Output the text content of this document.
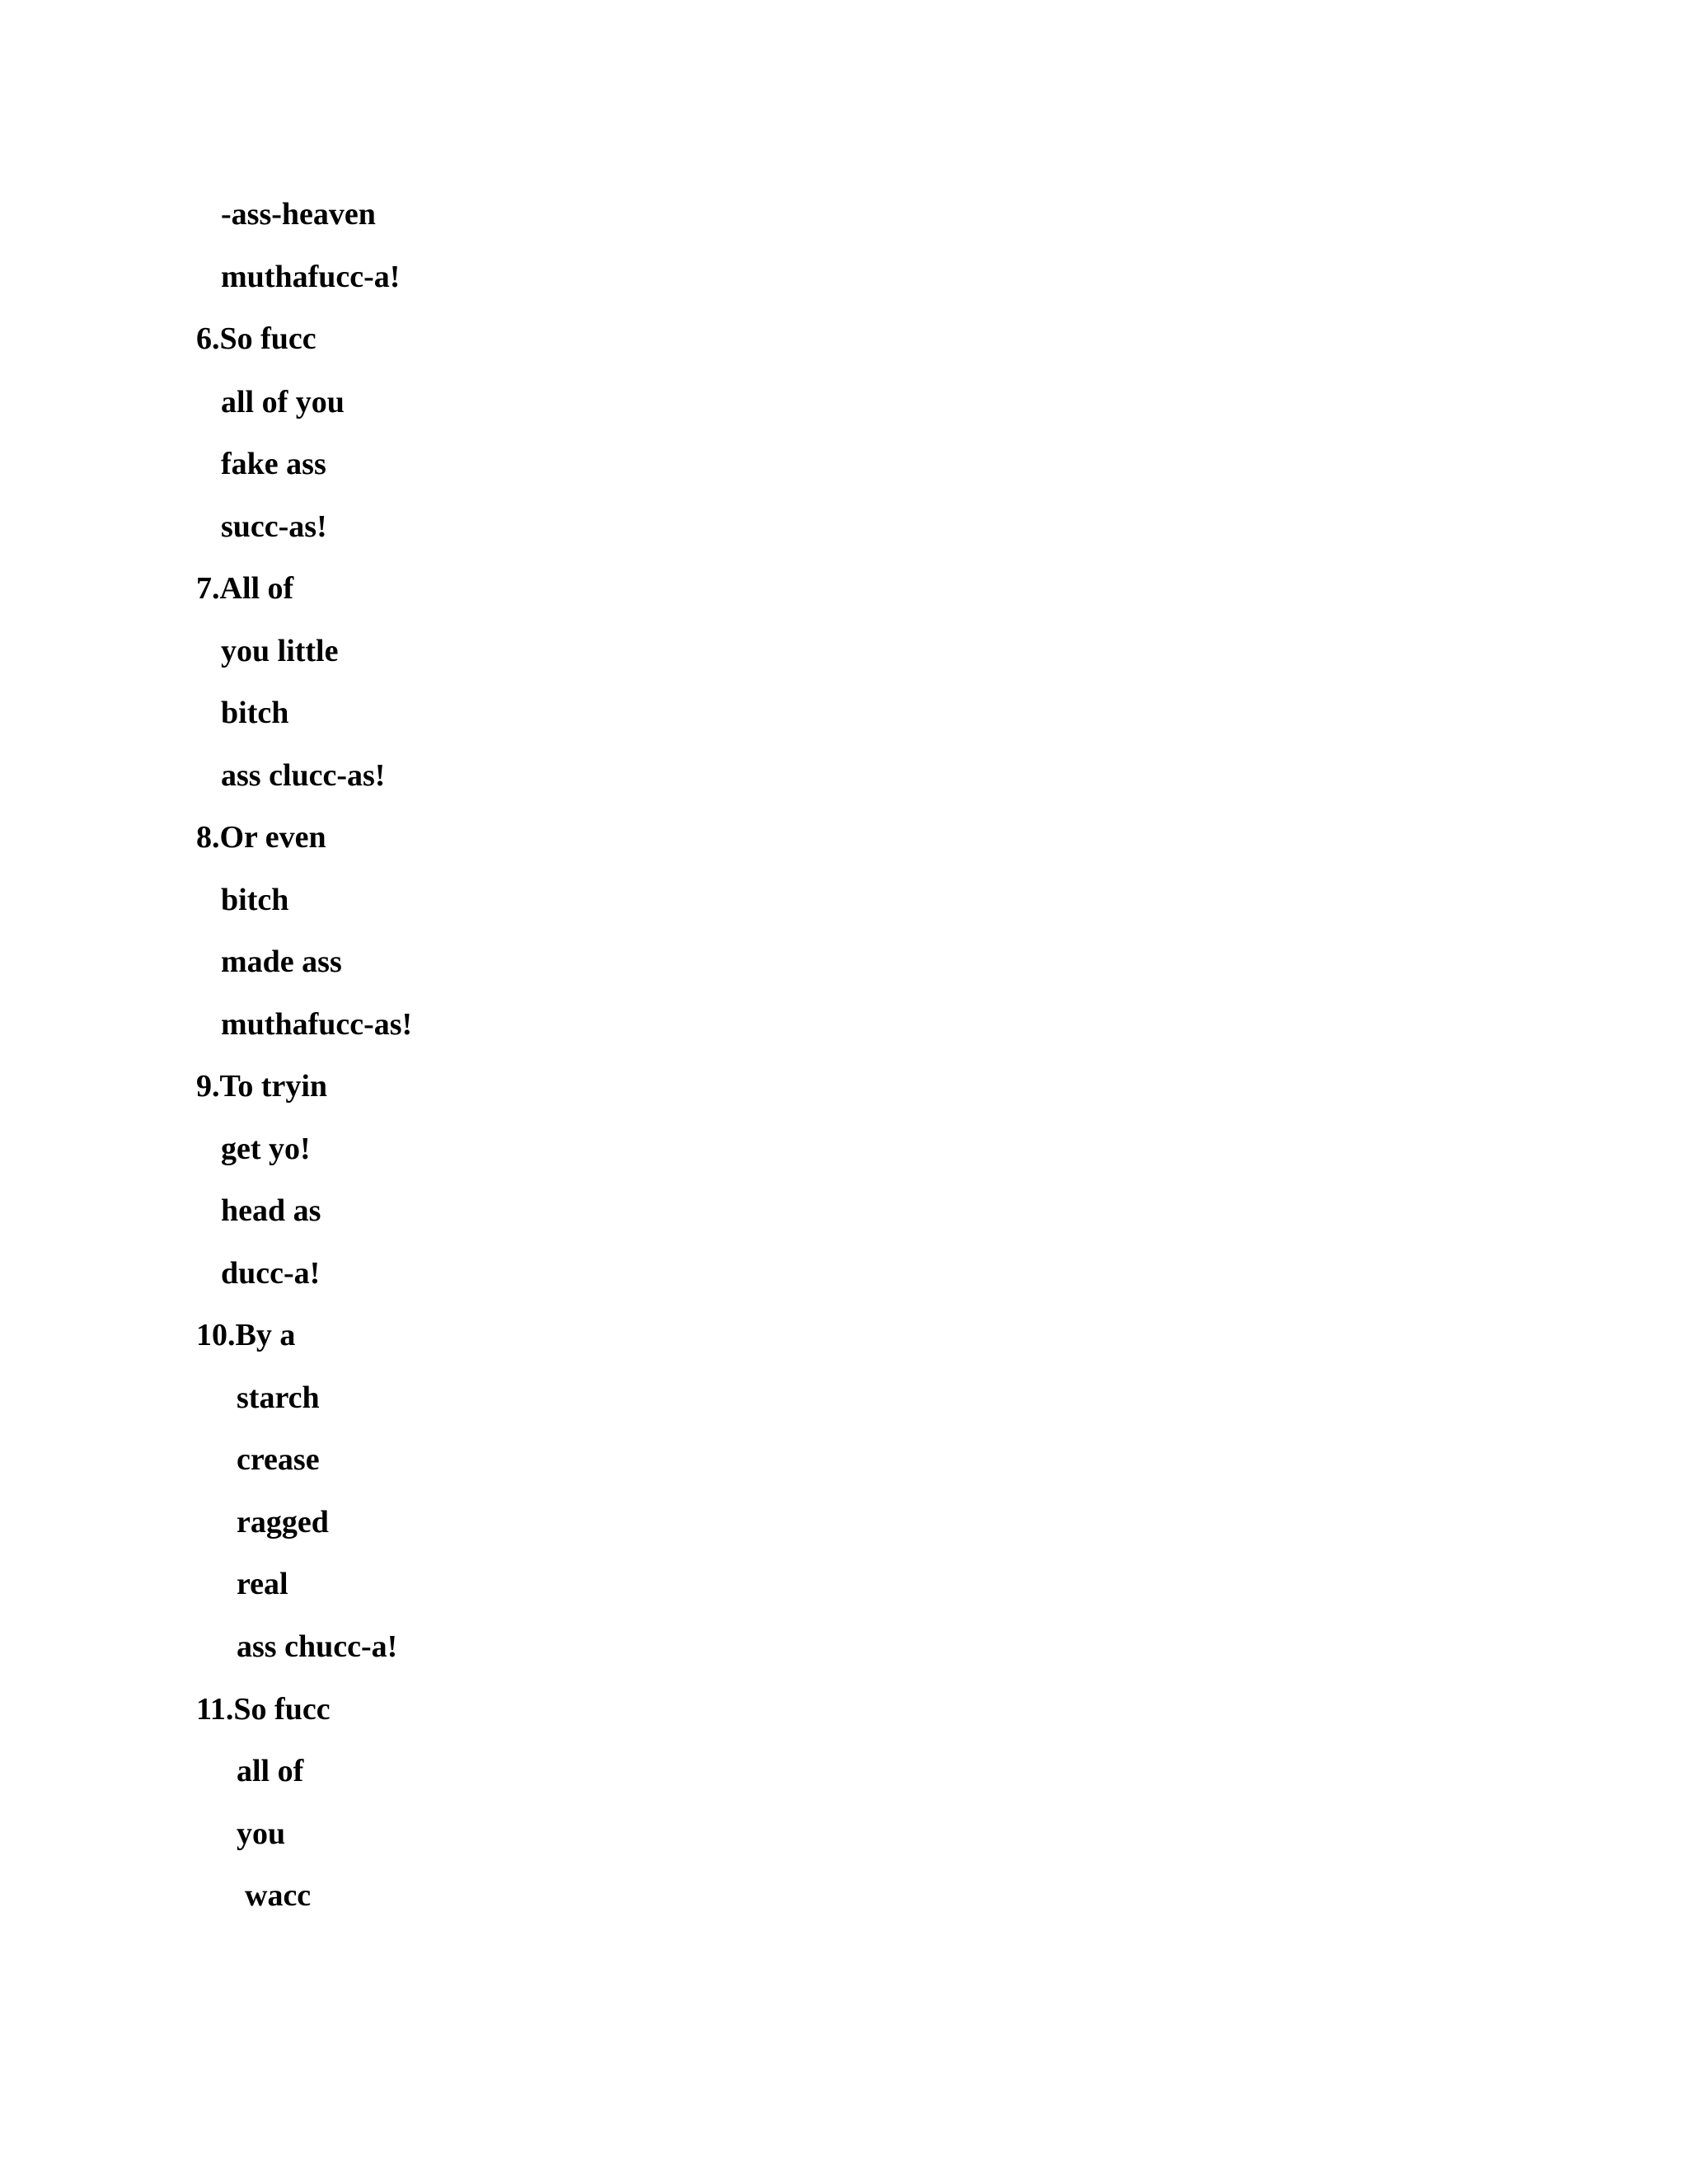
-ass-heaven
muthafucc-a!
6.So fucc
all of you
fake ass
succ-as!
7.All of
you little
bitch
ass clucc-as!
8.Or even
bitch
made ass
muthafucc-as!
9.To tryin
get yo!
head as
ducc-a!
10.By a
starch
crease
ragged
real
ass chucc-a!
11.So fucc
all of
you
wacc
